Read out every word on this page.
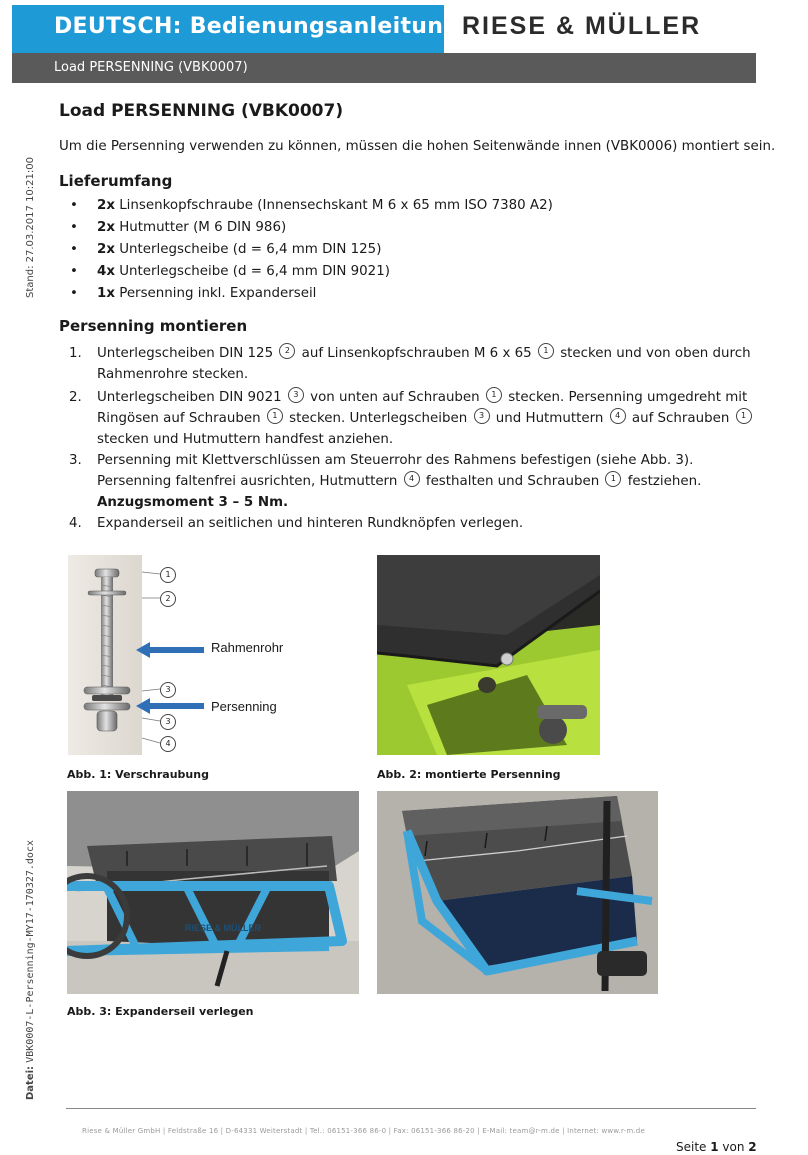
DEUTSCH: Bedienungsanleitung RIESE & MÜLLER
Load PERSENNING (VBK0007)
Stand: 27.03.2017 10:21:00
Datei: VBK0007-L-Persenning-MY17-170327.docx
Load PERSENNING (VBK0007)
Um die Persenning verwenden zu können, müssen die hohen Seitenwände innen (VBK0006) montiert sein.
Lieferumfang
• 2x Linsenkopfschraube (Innensechskant M 6 x 65 mm ISO 7380 A2)
• 2x Hutmutter (M 6 DIN 986)
• 2x Unterlegscheibe (d = 6,4 mm DIN 125)
• 4x Unterlegscheibe (d = 6,4 mm DIN 9021)
• 1x Persenning inkl. Expanderseil
Persenning montieren
1.	Unterlegscheiben DIN 125 2 auf Linsenkopfschrauben M 6 x 65 1 stecken und von oben durch Rahmenrohre stecken.
2.	Unterlegscheiben DIN 9021 3 von unten auf Schrauben 1 stecken. Persenning umgedreht mit Ringösen auf Schrauben 1 stecken. Unterlegscheiben 3 und Hutmuttern 4 auf Schrauben 1 stecken und Hutmuttern handfest anziehen.
3.	Persenning mit Klettverschlüssen am Steuerrohr des Rahmens befestigen (siehe Abb. 3).
Persenning faltenfrei ausrichten, Hutmuttern 4 festhalten und Schrauben 1 festziehen.
Anzugsmoment 3 – 5 Nm.
4.	Expanderseil an seitlichen und hinteren Rundknöpfen verlegen.
1
2
3
3
4
Rahmenrohr
Persenning
Abb. 1: Verschraubung	Abb. 2: montierte Persenning
RIESE & MÜLLER
Abb. 3: Expanderseil verlegen
Riese & Müller GmbH | Feldstraße 16 | D-64331 Weiterstadt | Tel.: 06151-366 86-0 | Fax: 06151-366 86-20 | E-Mail: team@r-m.de | Internet: www.r-m.de
Seite 1 von 2
